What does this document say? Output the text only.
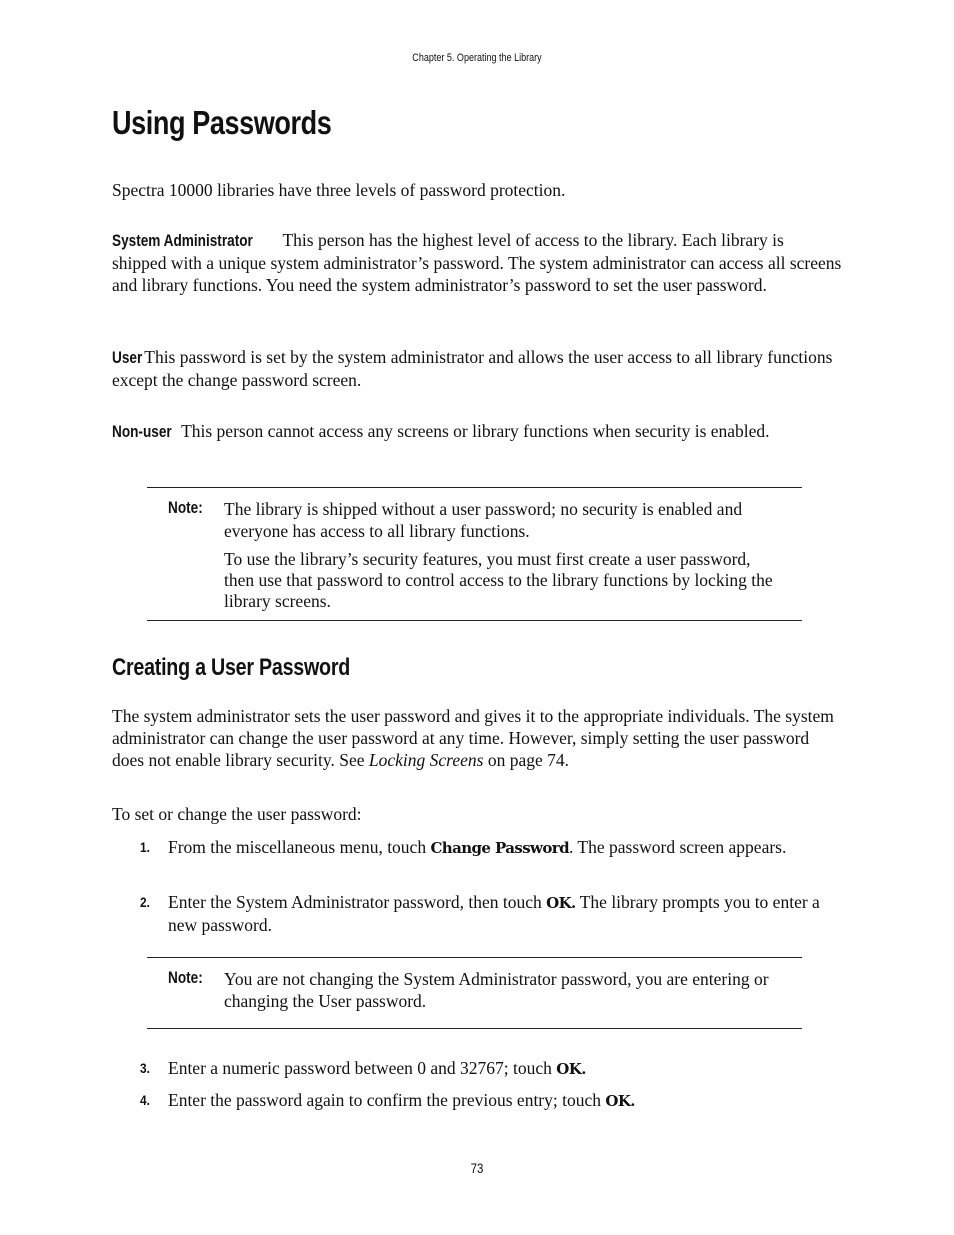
Chapter 5. Operating the Library
Using Passwords

Spectra 10000 libraries have three levels of password protection.

System Administrator This person has the highest level of access to the library. Each library is shipped with a unique system administrator’s password. The system administrator can access all screens and library functions. You need the system administrator’s password to set the user password.

User This password is set by the system administrator and allows the user access to all library functions except the change password screen.

Non-user This person cannot access any screens or library functions when security is enabled.

Note: The library is shipped without a user password; no security is enabled and everyone has access to all library functions.

To use the library’s security features, you must first create a user password, then use that password to control access to the library functions by locking the library screens.

Creating a User Password

The system administrator sets the user password and gives it to the appropriate individuals. The system administrator can change the user password at any time. However, simply setting the user password does not enable library security. See Locking Screens on page 74.

To set or change the user password:

1. From the miscellaneous menu, touch Change Password. The password screen appears.

2. Enter the System Administrator password, then touch OK. The library prompts you to enter a new password.

Note: You are not changing the System Administrator password, you are entering or changing the User password.

3. Enter a numeric password between 0 and 32767; touch OK.

4. Enter the password again to confirm the previous entry; touch OK.

73
